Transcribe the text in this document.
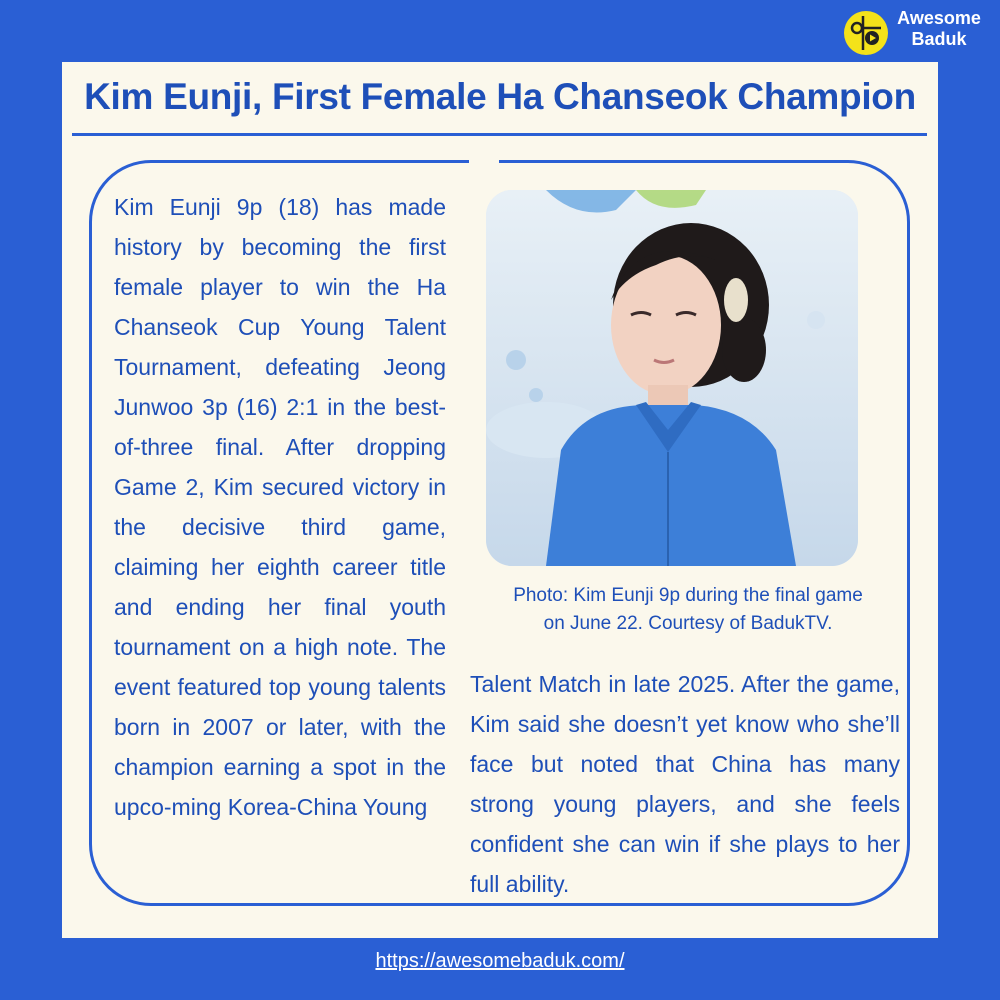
Awesome
Baduk
Kim Eunji, First Female Ha Chanseok Champion

Kim Eunji 9p (18) has made history by becoming the first female player to win the Ha Chanseok Cup Young Talent Tournament, defeating Jeong Junwoo 3p (16) 2:1 in the best-of-three final. After dropping Game 2, Kim secured victory in the decisive third game, claiming her eighth career title and ending her final youth tournament on a high note. The event featured top young talents born in 2007 or later, with the champion earning a spot in the upco-ming Korea-China Young

Photo: Kim Eunji 9p during the final game
on June 22. Courtesy of BadukTV.

Talent Match in late 2025. After the game, Kim said she doesn’t yet know who she’ll face but noted that China has many strong young players, and she feels confident she can win if she plays to her full ability.

https://awesomebaduk.com/
